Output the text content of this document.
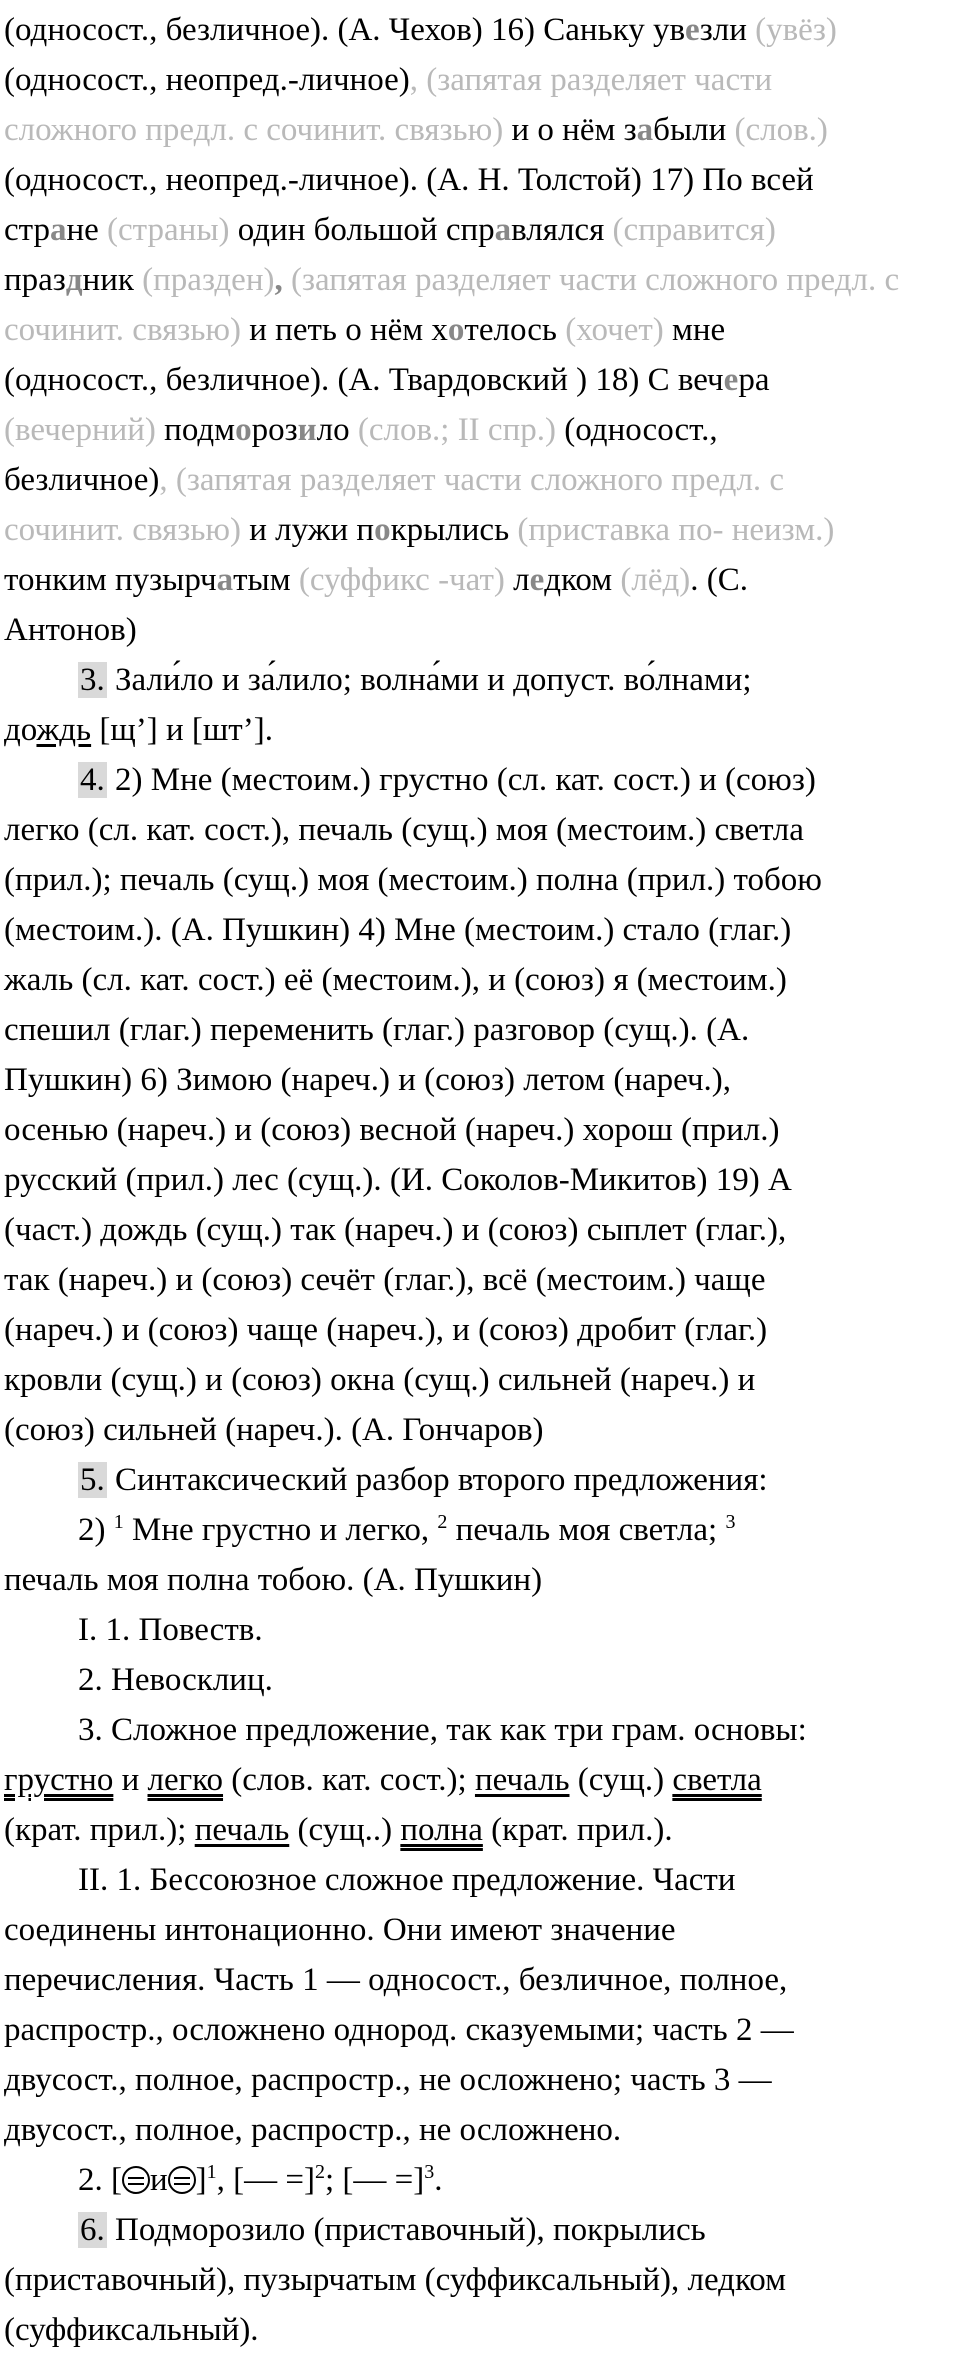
(односост., безличное). (А. Чехов) 16) Саньку увезли (увёз)
(односост., неопред.-личное), (запятая разделяет части
сложного предл. с сочинит. связью) и о нём забыли (слов.)
(односост., неопред.-личное). (А. Н. Толстой) 17) По всей
стране (страны) один большой справлялся (справится)
праздник (празден), (запятая разделяет части сложного предл. с
сочинит. связью) и петь о нём хотелось (хочет) мне
(односост., безличное). (А. Твардовский ) 18) С вечера
(вечерний) подморозило (слов.; II спр.) (односост.,
безличное), (запятая разделяет части сложного предл. с
сочинит. связью) и лужи покрылись (приставка по- неизм.)
тонким пузырчатым (суффикс -чат) ледком (лёд). (С.
Антонов)
3. Зали́ло и за́лило; волна́ми и допуст. во́лнами;
дождь [щ’] и [шт’].
4. 2) Мне (местоим.) грустно (сл. кат. сост.) и (союз)
легко (сл. кат. сост.), печаль (сущ.) моя (местоим.) светла
(прил.); печаль (сущ.) моя (местоим.) полна (прил.) тобою
(местоим.). (А. Пушкин) 4) Мне (местоим.) стало (глаг.)
жаль (сл. кат. сост.) её (местоим.), и (союз) я (местоим.)
спешил (глаг.) переменить (глаг.) разговор (сущ.). (А.
Пушкин) 6) Зимою (нареч.) и (союз) летом (нареч.),
осенью (нареч.) и (союз) весной (нареч.) хорош (прил.)
русский (прил.) лес (сущ.). (И. Соколов-Микитов) 19) А
(част.) дождь (сущ.) так (нареч.) и (союз) сыплет (глаг.),
так (нареч.) и (союз) сечёт (глаг.), всё (местоим.) чаще
(нареч.) и (союз) чаще (нареч.), и (союз) дробит (глаг.)
кровли (сущ.) и (союз) окна (сущ.) сильней (нареч.) и
(союз) сильней (нареч.). (А. Гончаров)
5. Синтаксический разбор второго предложения:
2) $^1$ Мне грустно и легко, $^2$ печаль моя светла; $^3$
печаль моя полна тобою. (А. Пушкин)
I. 1. Повеств.
2. Невосклиц.
3. Сложное предложение, так как три грам. основы:
грустно и легко (слов. кат. сост.); печаль (сущ.) светла
(крат. прил.); печаль (сущ..) полна (крат. прил.).
II. 1. Бессоюзное сложное предложение. Части
соединены интонационно. Они имеют значение
перечисления. Часть 1 — односост., безличное, полное,
распростр., осложнено однород. сказуемыми; часть 2 —
двусост., полное, распростр., не осложнено; часть 3 —
двусост., полное, распростр., не осложнено.
2. [ и ]$^1$, [— =]$^2$; [— =]$^3$.
6. Подморозило (приставочный), покрылись
(приставочный), пузырчатым (суффиксальный), ледком
(суффиксальный).
